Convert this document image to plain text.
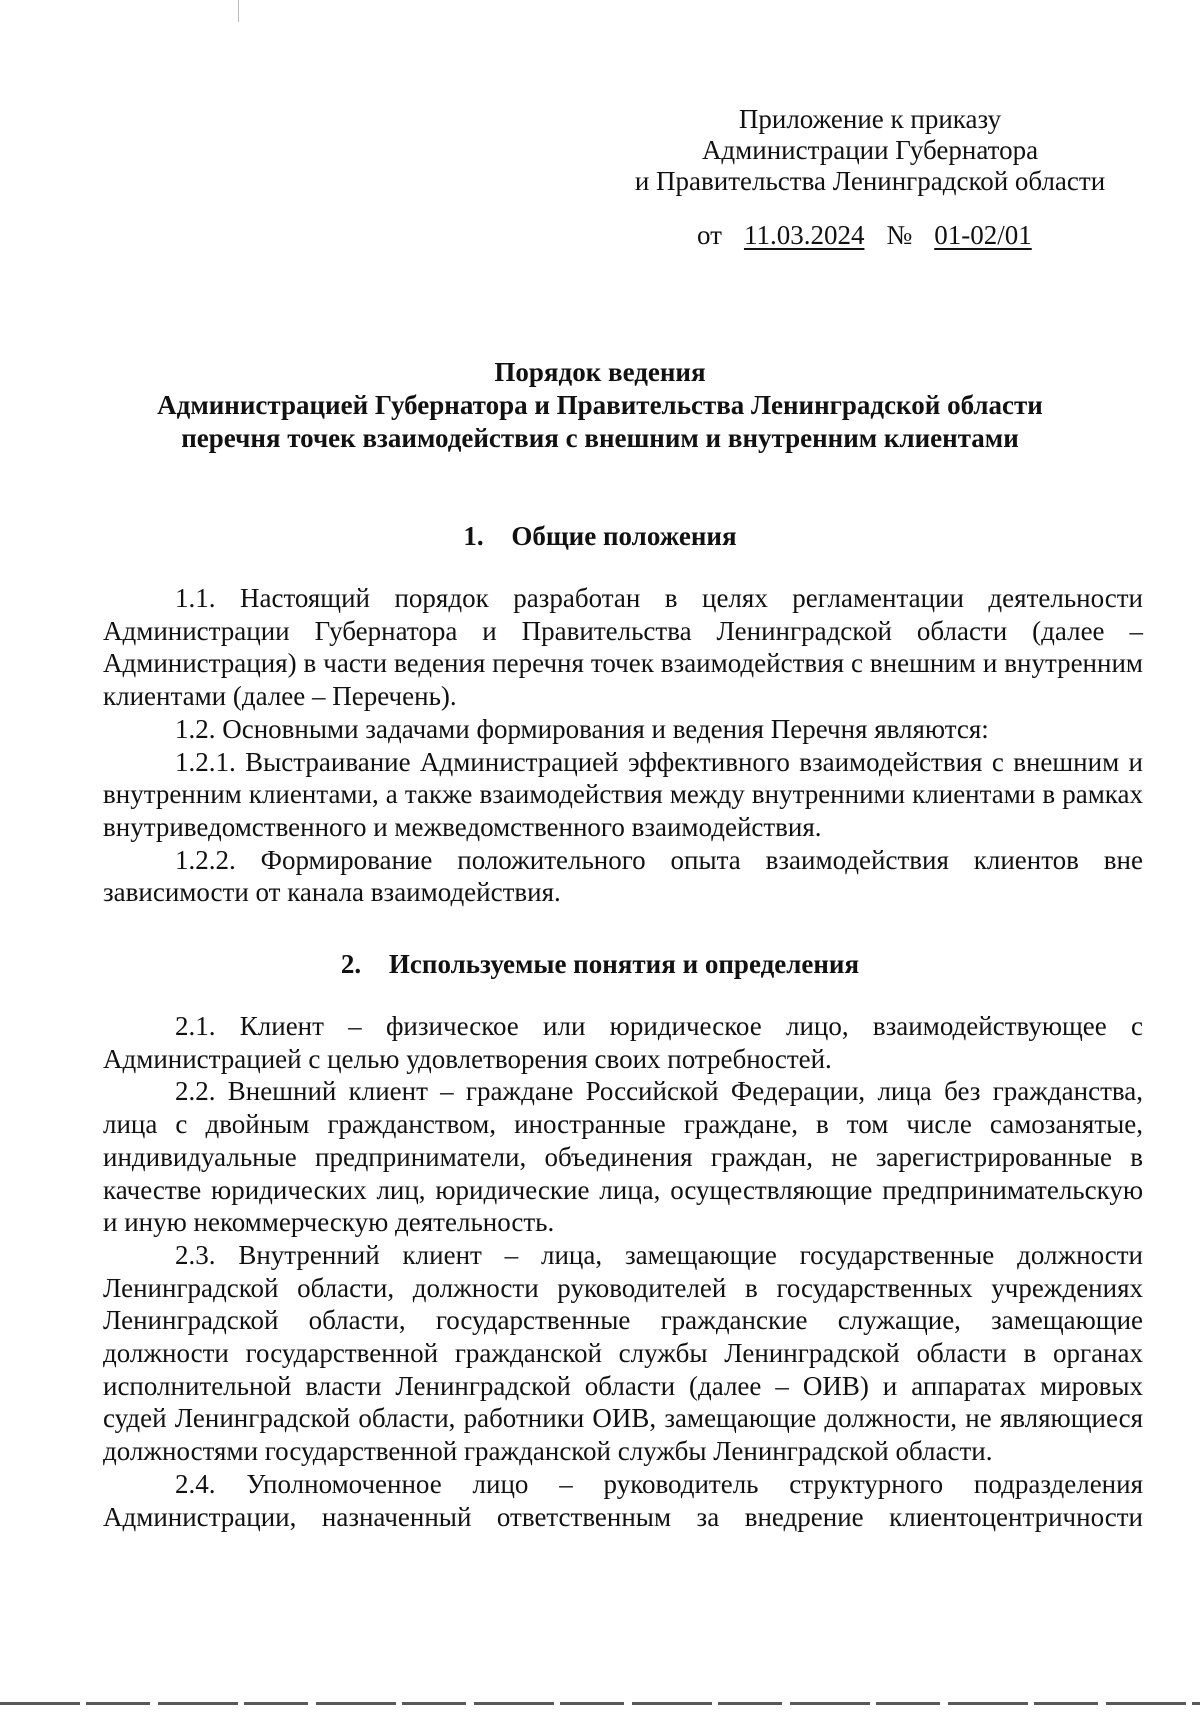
Приложение к приказу
Администрации Губернатора
и Правительства Ленинградской области
от 11.03.2024 № 01-02/01
Порядок ведения
Администрацией Губернатора и Правительства Ленинградской области
перечня точек взаимодействия с внешним и внутренним клиентами
1. Общие положения

1.1. Настоящий порядок разработан в целях регламентации деятельности Администрации Губернатора и Правительства Ленинградской области (далее – Администрация) в части ведения перечня точек взаимодействия с внешним и внутренним клиентами (далее – Перечень).

1.2. Основными задачами формирования и ведения Перечня являются:

1.2.1. Выстраивание Администрацией эффективного взаимодействия с внешним и внутренним клиентами, а также взаимодействия между внутренними клиентами в рамках внутриведомственного и межведомственного взаимодействия.

1.2.2. Формирование положительного опыта взаимодействия клиентов вне зависимости от канала взаимодействия.

2. Используемые понятия и определения

2.1. Клиент – физическое или юридическое лицо, взаимодействующее с Администрацией с целью удовлетворения своих потребностей.

2.2. Внешний клиент – граждане Российской Федерации, лица без гражданства, лица с двойным гражданством, иностранные граждане, в том числе самозанятые, индивидуальные предприниматели, объединения граждан, не зарегистрированные в качестве юридических лиц, юридические лица, осуществляющие предпринимательскую и иную некоммерческую деятельность.

2.3. Внутренний клиент – лица, замещающие государственные должности Ленинградской области, должности руководителей в государственных учреждениях Ленинградской области, государственные гражданские служащие, замещающие должности государственной гражданской службы Ленинградской области в органах исполнительной власти Ленинградской области (далее – ОИВ) и аппаратах мировых судей Ленинградской области, работники ОИВ, замещающие должности, не являющиеся должностями государственной гражданской службы Ленинградской области.

2.4. Уполномоченное лицо – руководитель структурного подразделения Администрации, назначенный ответственным за внедрение клиентоцентричности
